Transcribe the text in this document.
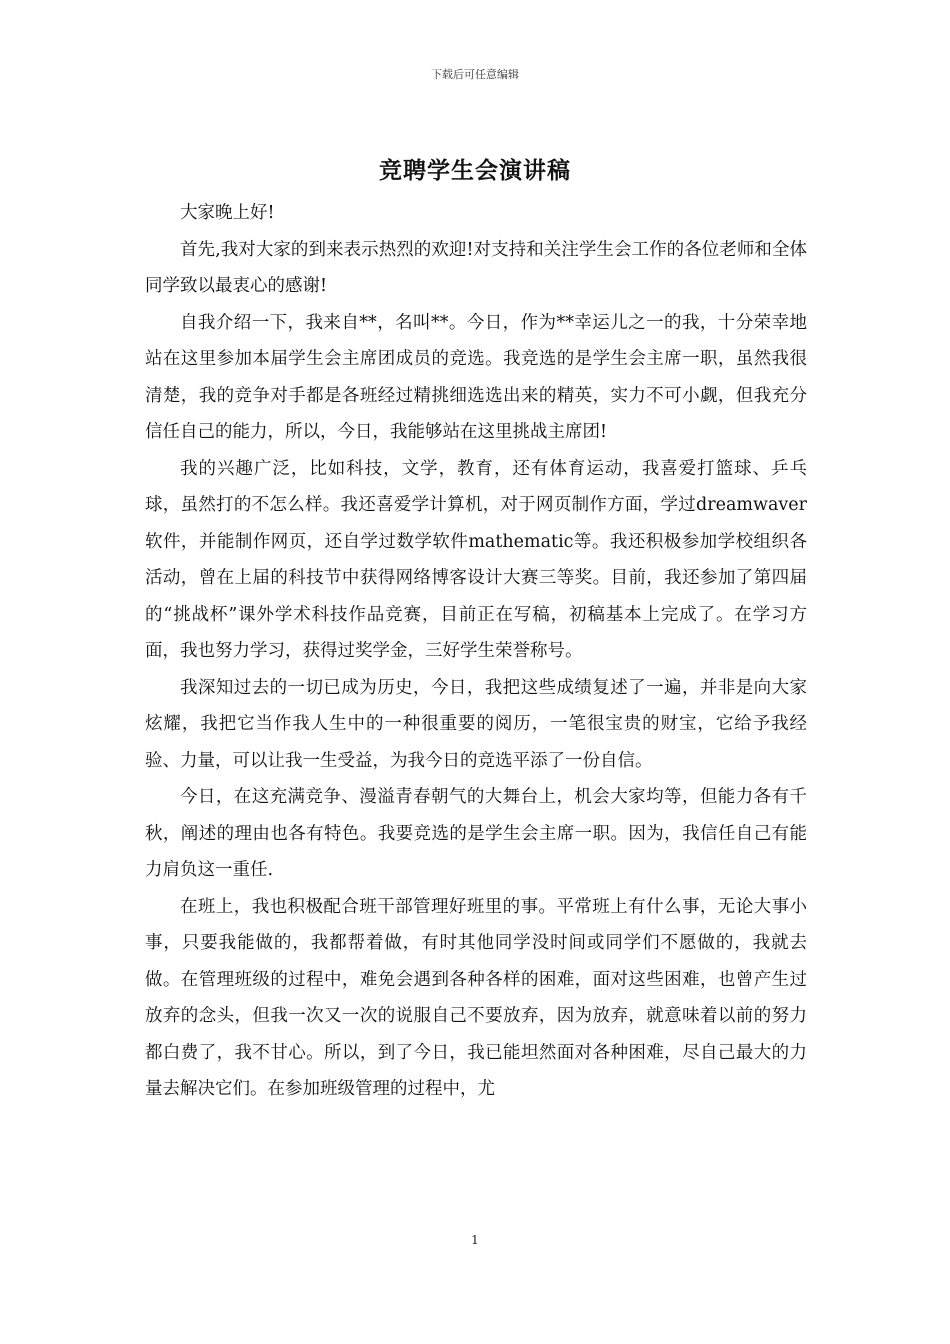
下载后可任意编辑
竞聘学生会演讲稿

大家晚上好!

首先,我对大家的到来表示热烈的欢迎!对支持和关注学生会工作的各位老师和全体同学致以最衷心的感谢!

自我介绍一下，我来自**，名叫**。今日，作为**幸运儿之一的我，十分荣幸地站在这里参加本届学生会主席团成员的竞选。我竞选的是学生会主席一职，虽然我很清楚，我的竞争对手都是各班经过精挑细选选出来的精英，实力不可小觑，但我充分信任自己的能力，所以，今日，我能够站在这里挑战主席团!

我的兴趣广泛，比如科技，文学，教育，还有体育运动，我喜爱打篮球、乒乓球，虽然打的不怎么样。我还喜爱学计算机，对于网页制作方面，学过dreamwaver软件，并能制作网页，还自学过数学软件mathematic等。我还积极参加学校组织各活动，曾在上届的科技节中获得网络博客设计大赛三等奖。目前，我还参加了第四届的“挑战杯”课外学术科技作品竞赛，目前正在写稿，初稿基本上完成了。在学习方面，我也努力学习，获得过奖学金，三好学生荣誉称号。

我深知过去的一切已成为历史，今日，我把这些成绩复述了一遍，并非是向大家炫耀，我把它当作我人生中的一种很重要的阅历，一笔很宝贵的财宝，它给予我经验、力量，可以让我一生受益，为我今日的竞选平添了一份自信。

今日，在这充满竞争、漫溢青春朝气的大舞台上，机会大家均等，但能力各有千秋，阐述的理由也各有特色。我要竞选的是学生会主席一职。因为，我信任自己有能力肩负这一重任.

在班上，我也积极配合班干部管理好班里的事。平常班上有什么事，无论大事小事，只要我能做的，我都帮着做，有时其他同学没时间或同学们不愿做的，我就去做。在管理班级的过程中，难免会遇到各种各样的困难，面对这些困难，也曾产生过放弃的念头，但我一次又一次的说服自己不要放弃，因为放弃，就意味着以前的努力都白费了，我不甘心。所以，到了今日，我已能坦然面对各种困难，尽自己最大的力量去解决它们。在参加班级管理的过程中，尤

1
